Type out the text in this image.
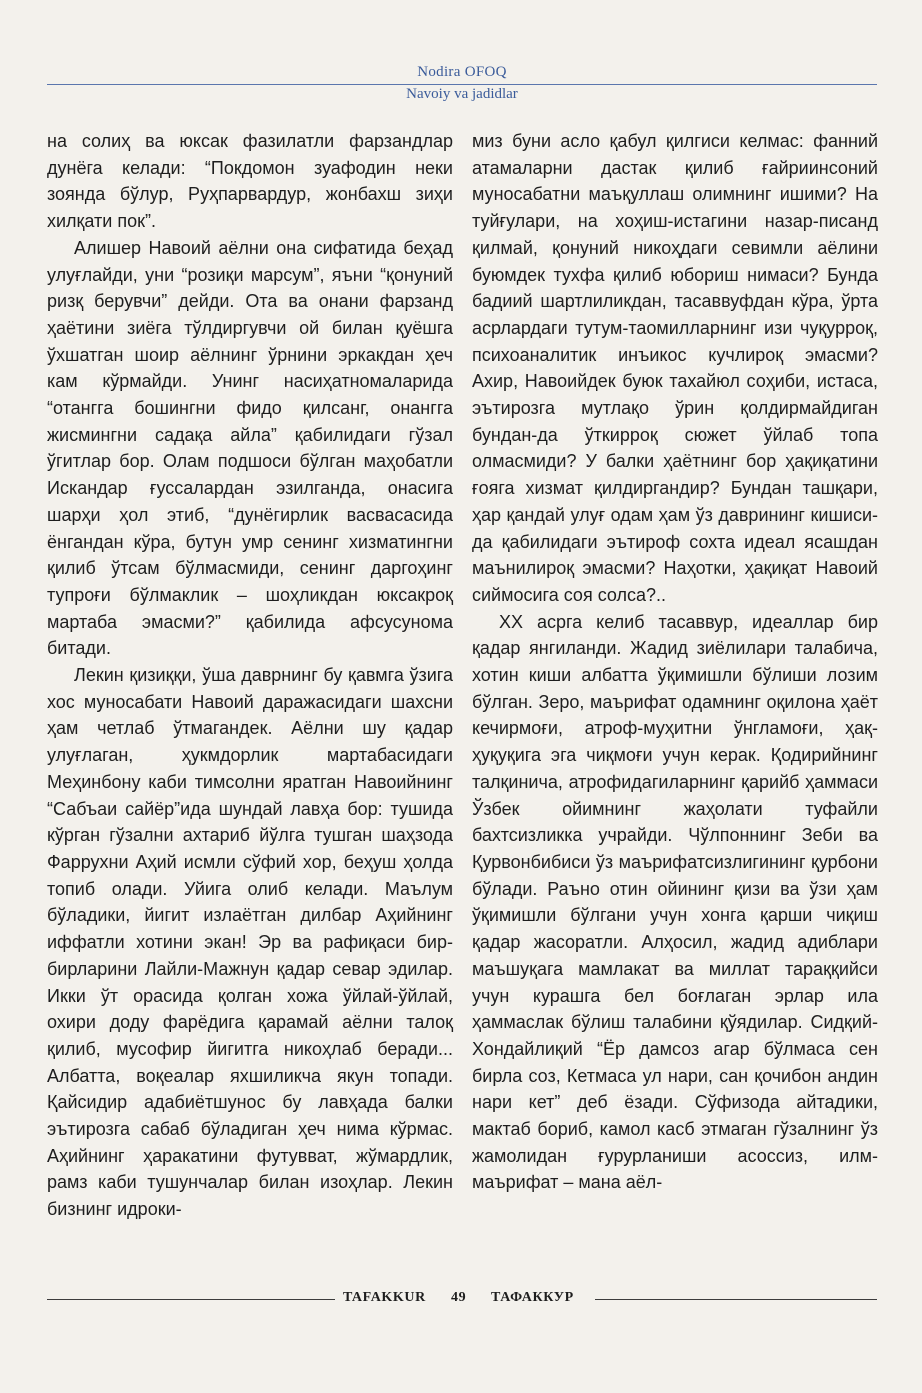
Nodira OFOQ
Navoiy va jadidlar

на солиҳ ва юксак фазилатли фарзандлар дунёга келади: “Покдомон зуафодин неки зоянда бўлур, Руҳпарвардур, жонбахш зиҳи хилқати пок”.

Алишер Навоий аёлни она сифатида беҳад улуғлайди, уни “розиқи марсум”, яъни “қонуний ризқ берувчи” дейди. Ота ва онани фарзанд ҳаётини зиёга тўлдиргувчи ой билан қуёшга ўхшатган шоир аёлнинг ўрнини эркакдан ҳеч кам кўрмайди. Унинг насиҳатномаларида “отангга бошингни фидо қилсанг, онангга жисмингни садақа айла” қабилидаги гўзал ўгитлар бор. Олам подшоси бўлган маҳобатли Искандар ғуссалардан эзилганда, онасига шарҳи ҳол этиб, “дунёгирлик васвасасида ёнгандан кўра, бутун умр сенинг хизматингни қилиб ўтсам бўлмасмиди, сенинг даргоҳинг тупроғи бўлмаклик – шоҳликдан юксакроқ мартаба эмасми?” қабилида афсусунома битади.

Лекин қизиққи, ўша даврнинг бу қавмга ўзига хос муносабати Навоий даражасидаги шахсни ҳам четлаб ўтмагандек. Аёлни шу қадар улуғлаган, ҳукмдорлик мартабасидаги Меҳинбону каби тимсолни яратган Навоийнинг “Сабъаи сайёр”ида шундай лавҳа бор: тушида кўрган гўзални ахтариб йўлга тушган шаҳзода Фаррухни Аҳий исмли сўфий хор, беҳуш ҳолда топиб олади. Уйига олиб келади. Маълум бўладики, йигит излаётган дилбар Аҳийнинг иффатли хотини экан! Эр ва рафиқаси бир-бирларини Лайли-Мажнун қадар севар эдилар. Икки ўт орасида қолган хожа ўйлай-ўйлай, охири доду фарёдига қарамай аёлни талоқ қилиб, мусофир йигитга никоҳлаб беради... Албатта, воқеалар яхшиликча якун топади. Қайсидир адабиётшунос бу лавҳада балки эътирозга сабаб бўладиган ҳеч нима кўрмас. Аҳийнинг ҳаракатини футувват, жўмардлик, рамз каби тушунчалар билан изоҳлар. Лекин бизнинг идроки-

миз буни асло қабул қилгиси келмас: фанний атамаларни дастак қилиб ғайриинсоний муносабатни маъқуллаш олимнинг ишими? На туйғулари, на хоҳиш-истагини назар-писанд қилмай, қонуний никоҳдаги севимли аёлини буюмдек тухфа қилиб юбориш нимаси? Бунда бадиий шартлиликдан, тасаввуфдан кўра, ўрта асрлардаги тутум-таомилларнинг изи чуқурроқ, психоаналитик инъикос кучлироқ эмасми? Ахир, Навоийдек буюк тахайюл соҳиби, истаса, эътирозга мутлақо ўрин қолдирмайдиган бундан-да ўткирроқ сюжет ўйлаб топа олмасмиди? У балки ҳаётнинг бор ҳақиқатини ғояга хизмат қилдиргандир? Бундан ташқари, ҳар қандай улуғ одам ҳам ўз даврининг кишиси-да қабилидаги эътироф сохта идеал ясашдан маънилироқ эмасми? Наҳотки, ҳақиқат Навоий сиймосига соя солса?..

XX асрга келиб тасаввур, идеаллар бир қадар янгиланди. Жадид зиёлилари талабича, хотин киши албатта ўқимишли бўлиши лозим бўлган. Зеро, маърифат одамнинг оқилона ҳаёт кечирмоғи, атроф-муҳитни ўнгламоғи, ҳақ-ҳуқуқига эга чиқмоғи учун керак. Қодирийнинг талқинича, атрофидагиларнинг қарийб ҳаммаси Ўзбек ойимнинг жаҳолати туфайли бахтсизликка учрайди. Чўлпоннинг Зеби ва Қурвонбибиси ўз маърифатсизлигининг қурбони бўлади. Раъно отин ойининг қизи ва ўзи ҳам ўқимишли бўлгани учун хонга қарши чиқиш қадар жасоратли. Алҳосил, жадид адиблари маъшуқага мамлакат ва миллат тараққийси учун курашга бел боғлаган эрлар ила ҳаммаслак бўлиш талабини қўядилар. Сидқий-Хондайлиқий “Ёр дамсоз агар бўлмаса сен бирла соз, Кетмаса ул нари, сан қочибон андин нари кет” деб ёзади. Сўфизода айтадики, мактаб бориб, камол касб этмаган гўзалнинг ўз жамолидан ғурурланиши асоссиз, илм-маърифат – мана аёл-

TAFAKKUR 49 ТАФАККУР
